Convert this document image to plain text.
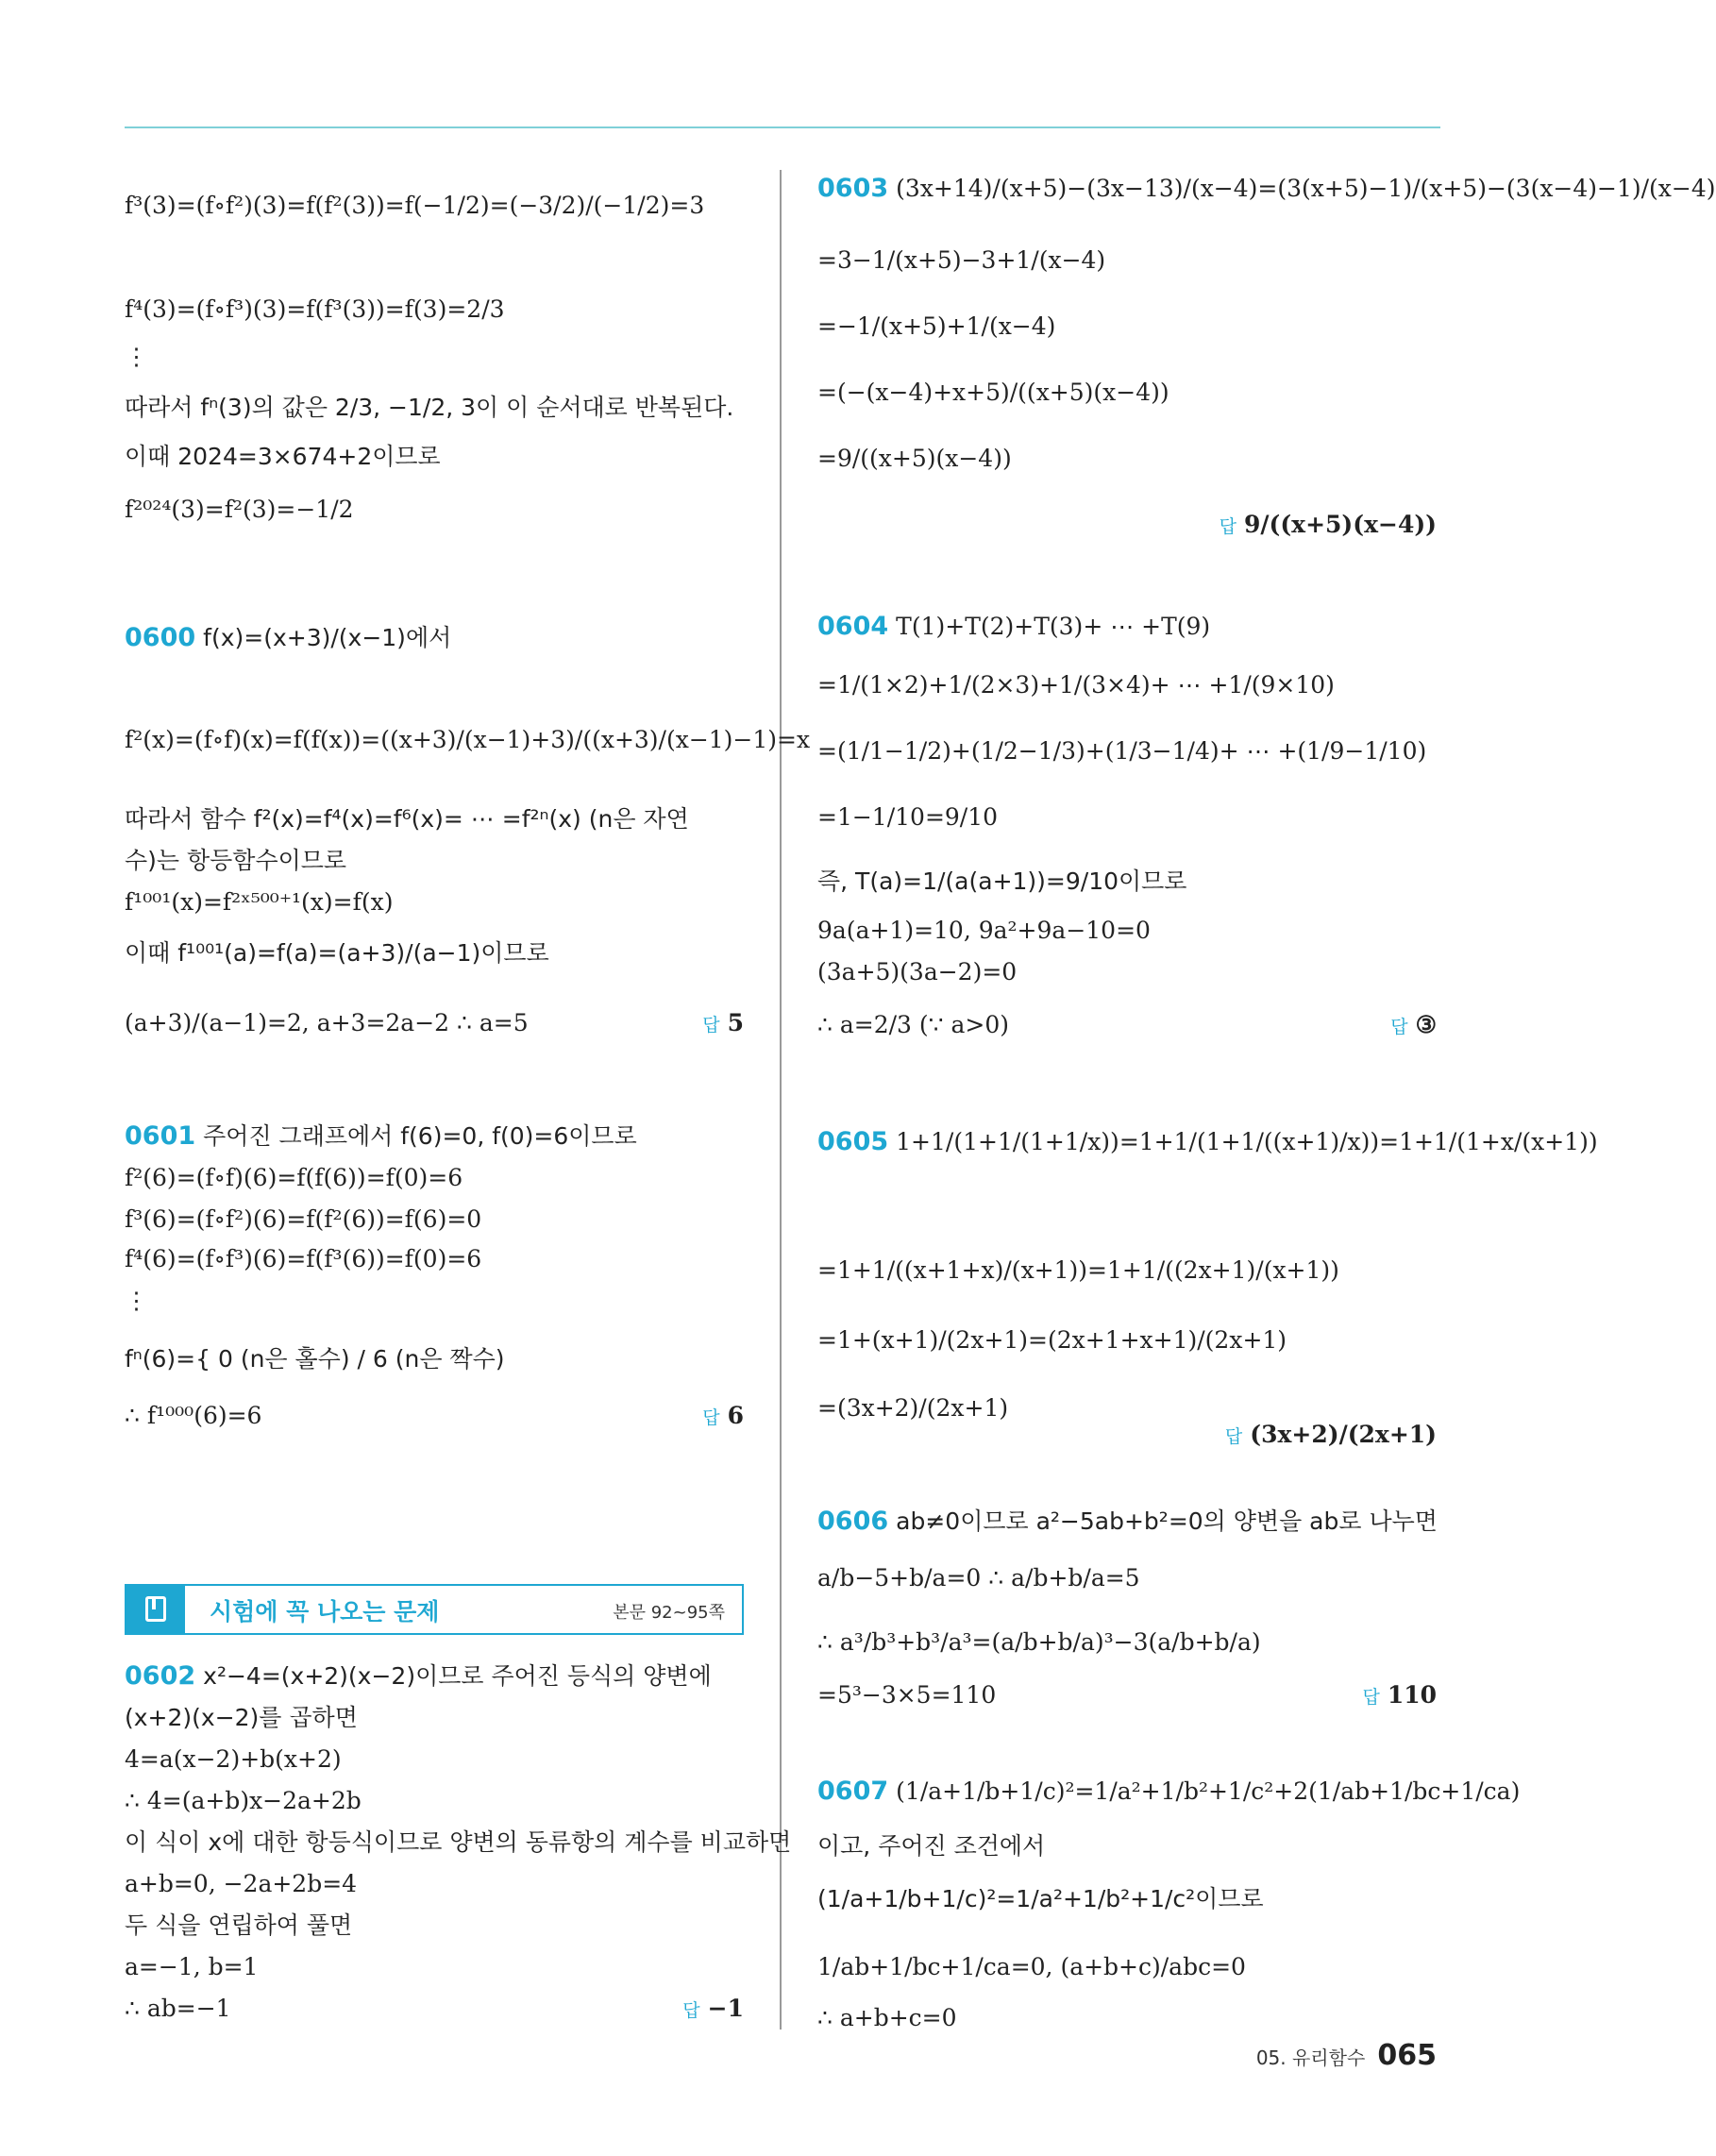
f³(3)=(f∘f²)(3)=f(f²(3))=f(−1/2)=(−3/2)/(−1/2)=3
f⁴(3)=(f∘f³)(3)=f(f³(3))=f(3)=2/3
⋮
따라서 fⁿ(3)의 값은 2/3, −1/2, 3이 이 순서대로 반복된다.
이때 2024=3×674+2이므로
f²⁰²⁴(3)=f²(3)=−1/2
0600 f(x)=(x+3)/(x−1)에서
f²(x)=(f∘f)(x)=f(f(x))=((x+3)/(x−1)+3)/((x+3)/(x−1)−1)=x
따라서 함수 f²(x)=f⁴(x)=f⁶(x)= ⋯ =f²ⁿ(x) (n은 자연
수)는 항등함수이므로
f¹⁰⁰¹(x)=f²ˣ⁵⁰⁰⁺¹(x)=f(x)
이때 f¹⁰⁰¹(a)=f(a)=(a+3)/(a−1)이므로
(a+3)/(a−1)=2, a+3=2a−2 ∴ a=5
0601 주어진 그래프에서 f(6)=0, f(0)=6이므로
f²(6)=(f∘f)(6)=f(f(6))=f(0)=6
f³(6)=(f∘f²)(6)=f(f²(6))=f(6)=0
f⁴(6)=(f∘f³)(6)=f(f³(6))=f(0)=6
⋮
fⁿ(6)={ 0 (n은 홀수) / 6 (n은 짝수)
∴ f¹⁰⁰⁰(6)=6
0602 x²−4=(x+2)(x−2)이므로 주어진 등식의 양변에
(x+2)(x−2)를 곱하면
4=a(x−2)+b(x+2)
∴ 4=(a+b)x−2a+2b
이 식이 x에 대한 항등식이므로 양변의 동류항의 계수를 비교하면
a+b=0, −2a+2b=4
두 식을 연립하여 풀면
a=−1, b=1
∴ ab=−1
0603 (3x+14)/(x+5)−(3x−13)/(x−4)=(3(x+5)−1)/(x+5)−(3(x−4)−1)/(x−4)
=3−1/(x+5)−3+1/(x−4)
=−1/(x+5)+1/(x−4)
=(−(x−4)+x+5)/((x+5)(x−4))
=9/((x+5)(x−4))
0604 T(1)+T(2)+T(3)+ ⋯ +T(9)
=1/(1×2)+1/(2×3)+1/(3×4)+ ⋯ +1/(9×10)
=(1/1−1/2)+(1/2−1/3)+(1/3−1/4)+ ⋯ +(1/9−1/10)
=1−1/10=9/10
즉, T(a)=1/(a(a+1))=9/10이므로
9a(a+1)=10, 9a²+9a−10=0
(3a+5)(3a−2)=0
∴ a=2/3 (∵ a>0)
0605 1+1/(1+1/(1+1/x))=1+1/(1+1/((x+1)/x))=1+1/(1+x/(x+1))
=1+1/((x+1+x)/(x+1))=1+1/((2x+1)/(x+1))
=1+(x+1)/(2x+1)=(2x+1+x+1)/(2x+1)
=(3x+2)/(2x+1)
0606 ab≠0이므로 a²−5ab+b²=0의 양변을 ab로 나누면
a/b−5+b/a=0 ∴ a/b+b/a=5
∴ a³/b³+b³/a³=(a/b+b/a)³−3(a/b+b/a)
=5³−3×5=110
0607 (1/a+1/b+1/c)²=1/a²+1/b²+1/c²+2(1/ab+1/bc+1/ca)
이고, 주어진 조건에서
(1/a+1/b+1/c)²=1/a²+1/b²+1/c²이므로
1/ab+1/bc+1/ca=0, (a+b+c)/abc=0
∴ a+b+c=0
시험에 꼭 나오는 문제	본문 92~95쪽
05. 유리함수 065
답 5
답 6
답 −1
답 9/((x+5)(x−4))
답 ③
답 (3x+2)/(2x+1)
답 110
